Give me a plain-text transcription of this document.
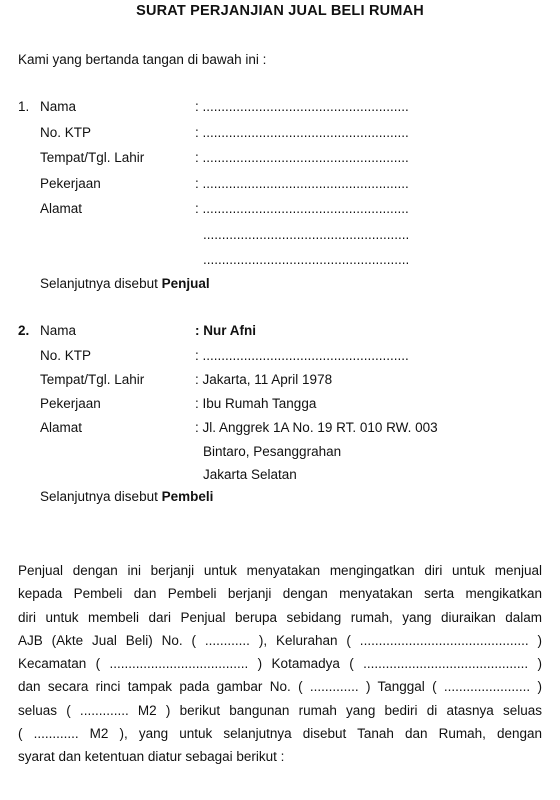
SURAT PERJANJIAN JUAL BELI RUMAH
Kami yang bertanda tangan di bawah ini :
1. Nama	: .......................................................
No. KTP	: .......................................................
Tempat/Tgl. Lahir	: .......................................................
Pekerjaan	: .......................................................
Alamat	: .......................................................
.......................................................
.......................................................
Selanjutnya disebut Penjual
2. Nama	: Nur Afni
No. KTP	: .......................................................
Tempat/Tgl. Lahir	: Jakarta, 11 April 1978
Pekerjaan	: Ibu Rumah Tangga
Alamat	: Jl. Anggrek 1A No. 19 RT. 010 RW. 003
Bintaro, Pesanggrahan
Jakarta Selatan
Selanjutnya disebut Pembeli

Penjual dengan ini berjanji untuk menyatakan mengingatkan diri untuk menjual

kepada Pembeli dan Pembeli berjanji dengan menyatakan serta mengikatkan

diri untuk membeli dari Penjual berupa sebidang rumah, yang diuraikan dalam

AJB (Akte Jual Beli) No. ( ............ ), Kelurahan ( ............................................. )

Kecamatan ( ..................................... ) Kotamadya ( ............................................ )

dan secara rinci tampak pada gambar No. ( ............. ) Tanggal ( ....................... )

seluas ( ............. M2 ) berikut bangunan rumah yang bediri di atasnya seluas

( ............ M2 ), yang untuk selanjutnya disebut Tanah dan Rumah, dengan

syarat dan ketentuan diatur sebagai berikut :
